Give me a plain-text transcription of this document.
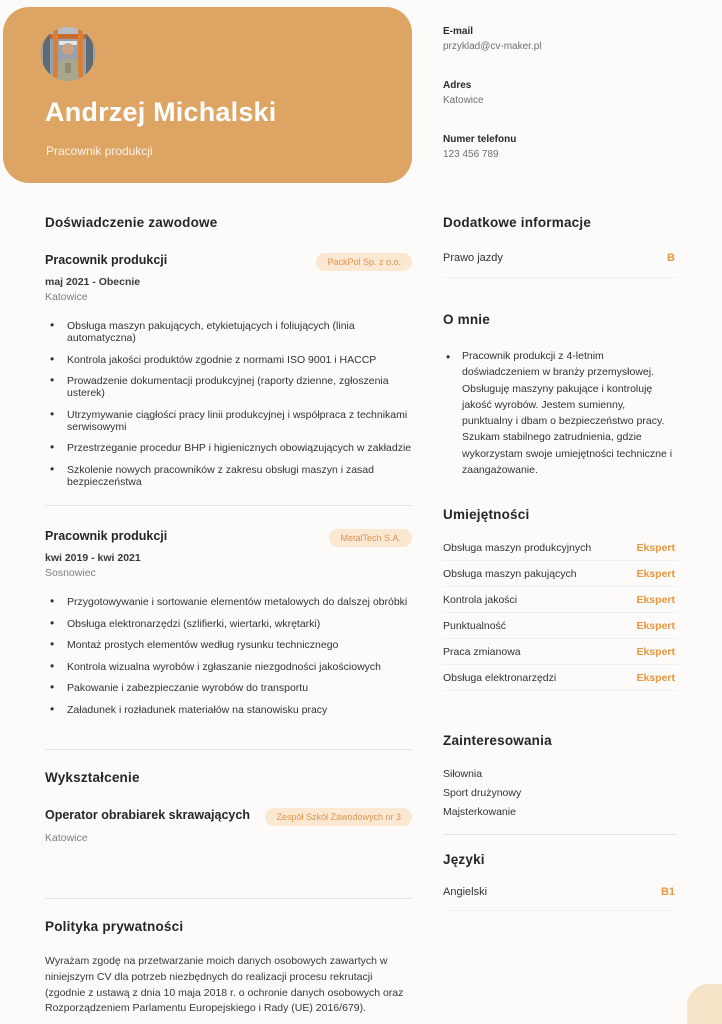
Andrzej Michalski
Pracownik produkcji
E-mail
przyklad@cv-maker.pl
Adres
Katowice
Numer telefonu
123 456 789
Doświadczenie zawodowe
Pracownik produkcji	PackPol Sp. z o.o.
maj 2021 - Obecnie
Katowice
• Obsługa maszyn pakujących, etykietujących i foliujących (linia automatyczna)
• Kontrola jakości produktów zgodnie z normami ISO 9001 i HACCP
• Prowadzenie dokumentacji produkcyjnej (raporty dzienne, zgłoszenia usterek)
• Utrzymywanie ciągłości pracy linii produkcyjnej i współpraca z technikami serwisowymi
• Przestrzeganie procedur BHP i higienicznych obowiązujących w zakładzie
• Szkolenie nowych pracowników z zakresu obsługi maszyn i zasad bezpieczeństwa
Pracownik produkcji	MetalTech S.A.
kwi 2019 - kwi 2021
Sosnowiec
• Przygotowywanie i sortowanie elementów metalowych do dalszej obróbki
• Obsługa elektronarzędzi (szlifierki, wiertarki, wkrętarki)
• Montaż prostych elementów według rysunku technicznego
• Kontrola wizualna wyrobów i zgłaszanie niezgodności jakościowych
• Pakowanie i zabezpieczanie wyrobów do transportu
• Załadunek i rozładunek materiałów na stanowisku pracy
Wykształcenie
Operator obrabiarek skrawających	Zespół Szkół Zawodowych nr 3
Katowice
Polityka prywatności
Wyrażam zgodę na przetwarzanie moich danych osobowych zawartych w niniejszym CV dla potrzeb niezbędnych do realizacji procesu rekrutacji (zgodnie z ustawą z dnia 10 maja 2018 r. o ochronie danych osobowych oraz Rozporządzeniem Parlamentu Europejskiego i Rady (UE) 2016/679).
Dodatkowe informacje
Prawo jazdy	B
O mnie
• Pracownik produkcji z 4-letnim doświadczeniem w branży przemysłowej. Obsługuję maszyny pakujące i kontroluję jakość wyrobów. Jestem sumienny, punktualny i dbam o bezpieczeństwo pracy. Szukam stabilnego zatrudnienia, gdzie wykorzystam swoje umiejętności techniczne i zaangażowanie.
Umiejętności
Obsługa maszyn produkcyjnych	Ekspert
Obsługa maszyn pakujących	Ekspert
Kontrola jakości	Ekspert
Punktualność	Ekspert
Praca zmianowa	Ekspert
Obsługa elektronarzędzi	Ekspert
Zainteresowania
Siłownia
Sport drużynowy
Majsterkowanie
Języki
Angielski	B1
